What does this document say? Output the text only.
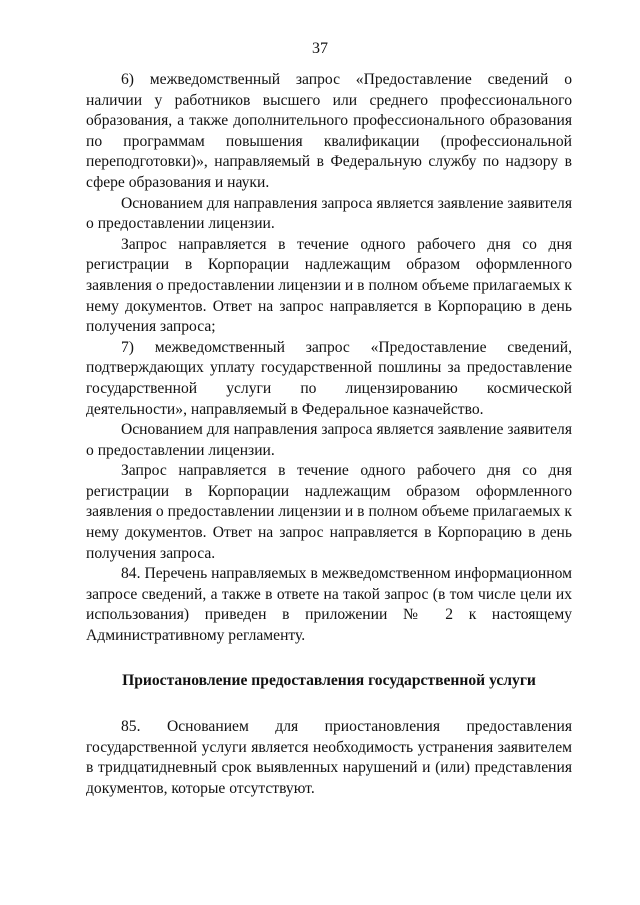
37

6) межведомственный запрос «Предоставление сведений о наличии у работников высшего или среднего профессионального образования, а также дополнительного профессионального образования по программам повышения квалификации (профессиональной переподготовки)», направляемый в Федеральную службу по надзору в сфере образования и науки.

Основанием для направления запроса является заявление заявителя о предоставлении лицензии.

Запрос направляется в течение одного рабочего дня со дня регистрации в Корпорации надлежащим образом оформленного заявления о предоставлении лицензии и в полном объеме прилагаемых к нему документов. Ответ на запрос направляется в Корпорацию в день получения запроса;

7) межведомственный запрос «Предоставление сведений, подтверждающих уплату государственной пошлины за предоставление государственной услуги по лицензированию космической деятельности», направляемый в Федеральное казначейство.

Основанием для направления запроса является заявление заявителя о предоставлении лицензии.

Запрос направляется в течение одного рабочего дня со дня регистрации в Корпорации надлежащим образом оформленного заявления о предоставлении лицензии и в полном объеме прилагаемых к нему документов. Ответ на запрос направляется в Корпорацию в день получения запроса.

84. Перечень направляемых в межведомственном информационном запросе сведений, а также в ответе на такой запрос (в том числе цели их использования) приведен в приложении № 2 к настоящему Административному регламенту.

Приостановление предоставления государственной услуги

85. Основанием для приостановления предоставления государственной услуги является необходимость устранения заявителем в тридцатидневный срок выявленных нарушений и (или) представления документов, которые отсутствуют.
